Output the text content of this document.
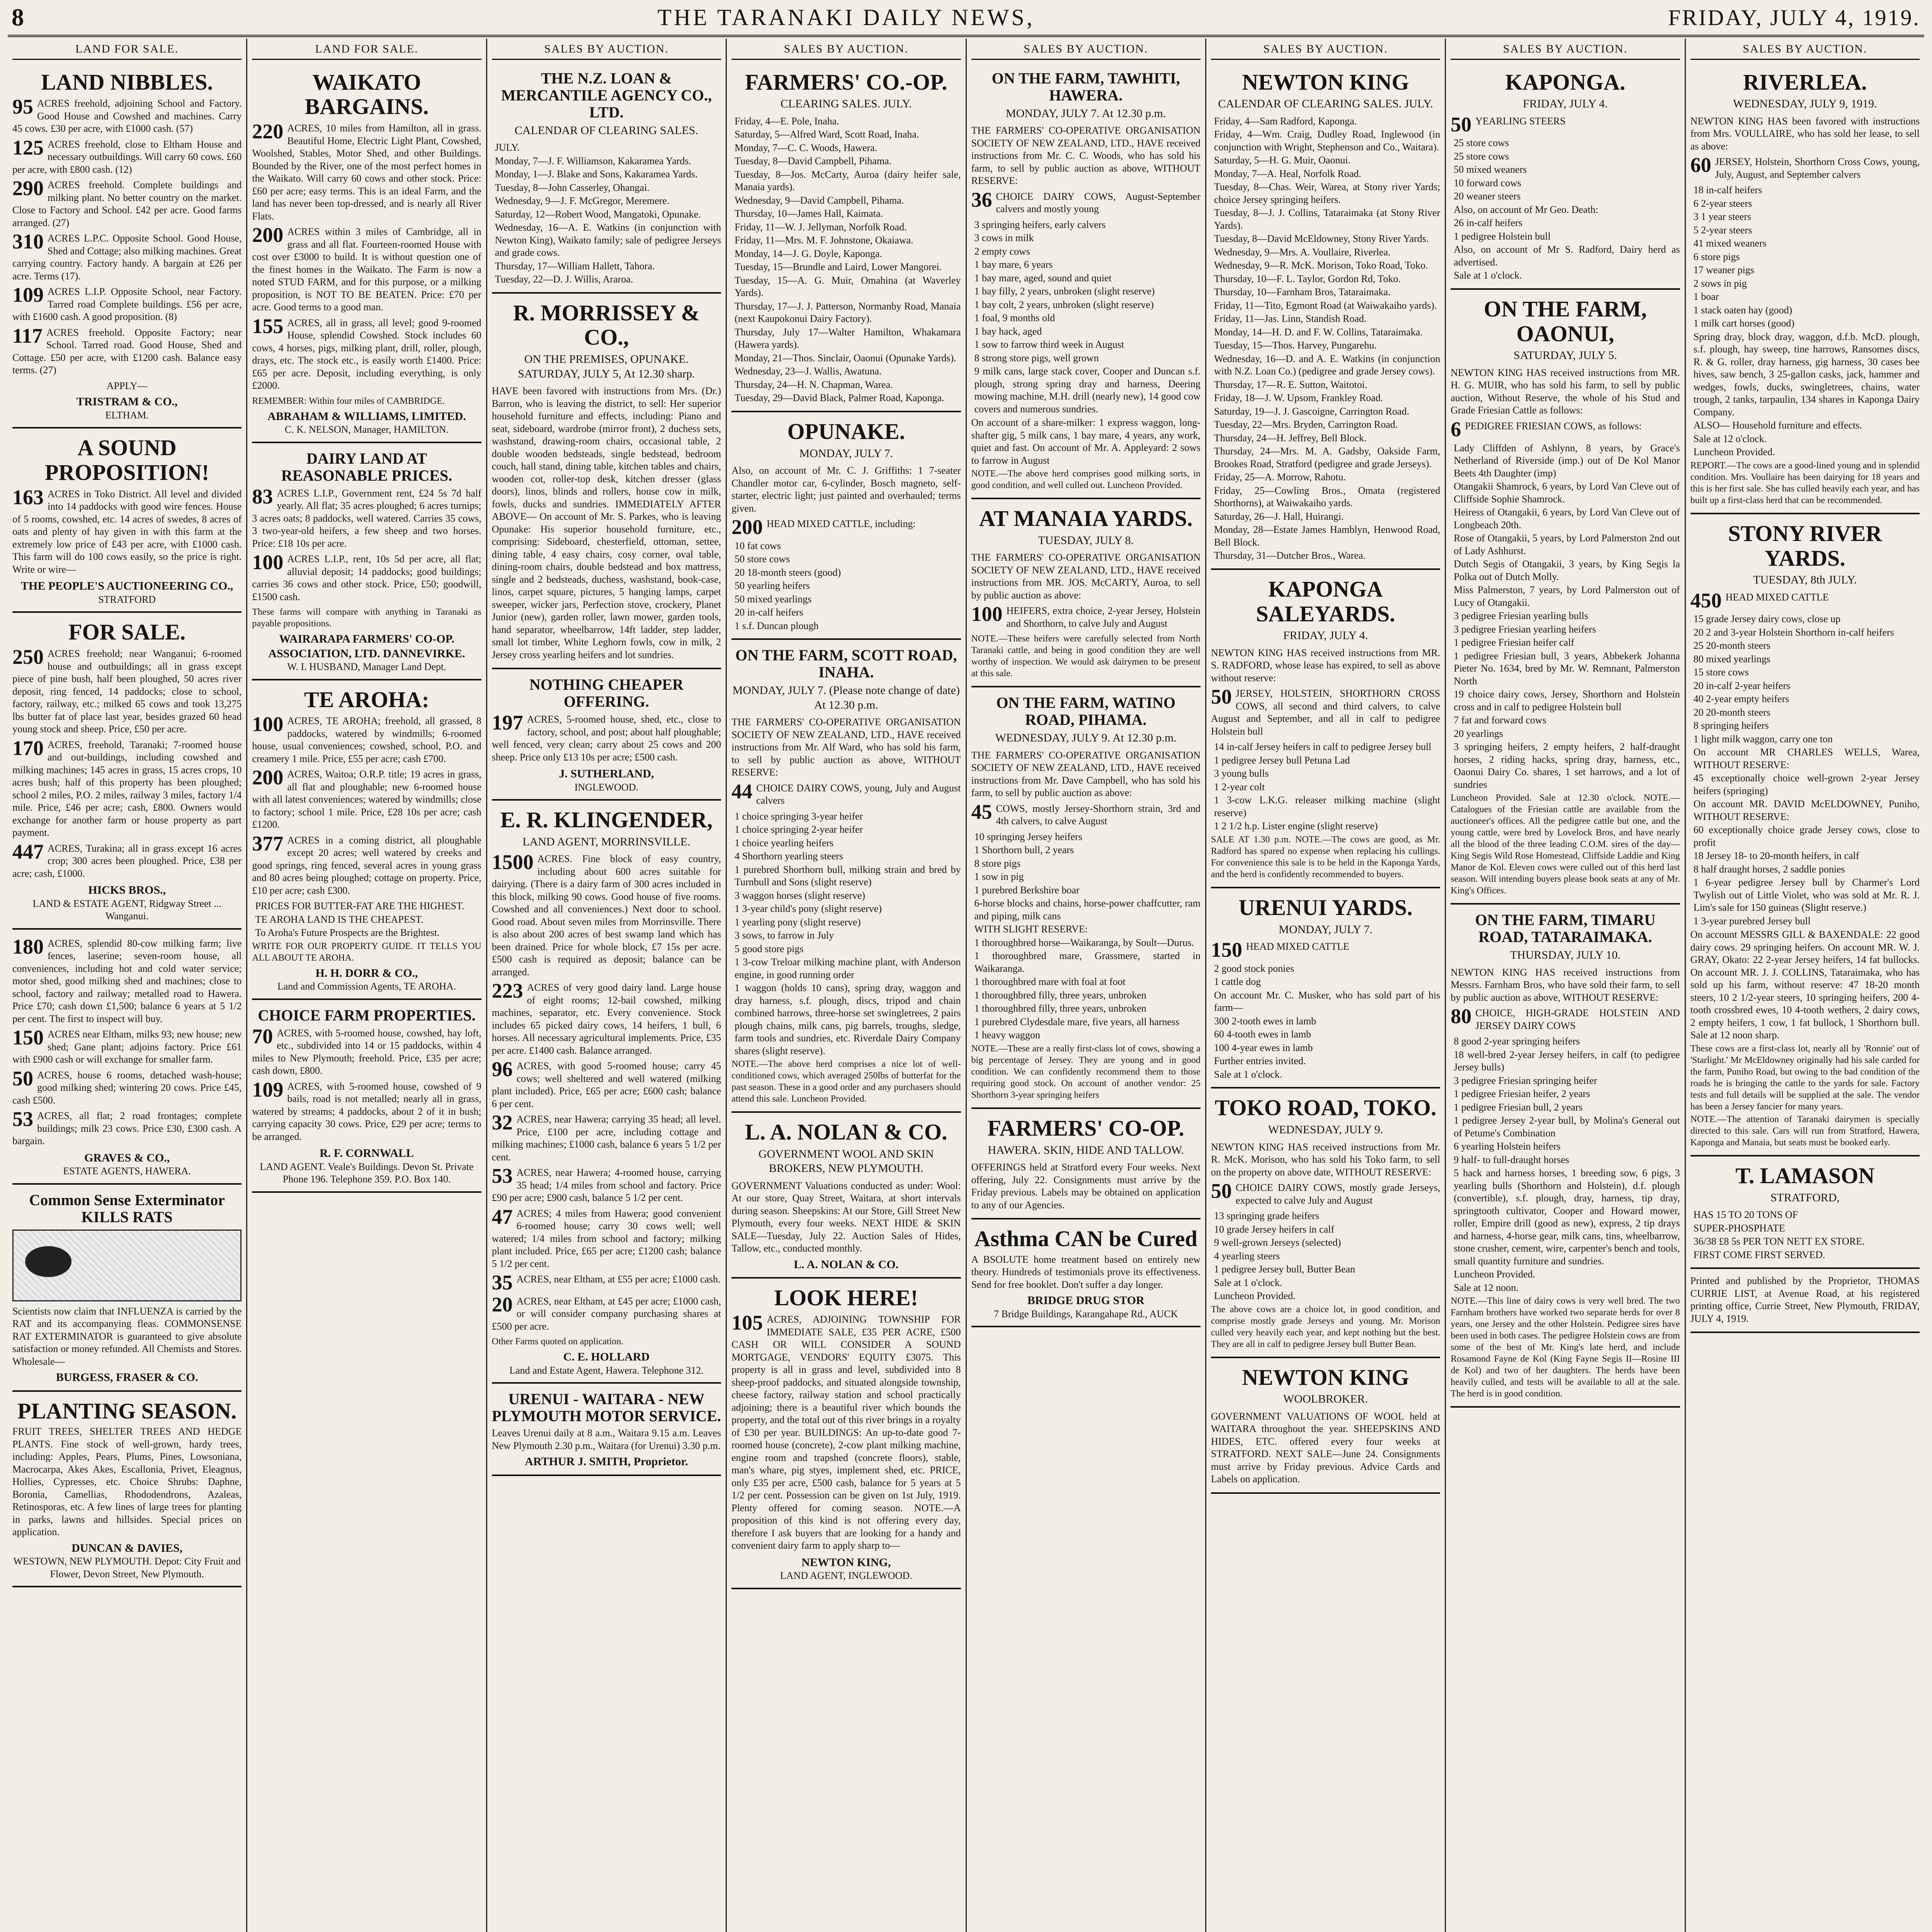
8	THE TARANAKI DAILY NEWS,	FRIDAY, JULY 4, 1919.
LAND FOR SALE.
LAND NIBBLES.
95 ACRES freehold, adjoining School and Factory. Good House and Cowshed and machines. Carry 45 cows. £30 per acre, with £1000 cash. (57)
125 ACRES freehold, close to Eltham House and necessary outbuildings. Will carry 60 cows. £60 per acre, with £800 cash. (12)
290 ACRES freehold. Complete buildings and milking plant. No better country on the market. Close to Factory and School. £42 per acre. Good farms arranged. (27)
310 ACRES L.P.C. Opposite School. Good House, Shed and Cottage; also milking machines. Great carrying country. Factory handy. A bargain at £26 per acre. Terms (17).
109 ACRES L.I.P. Opposite School, near Factory. Tarred road Complete buildings. £56 per acre, with £1600 cash. A good proposition. (8)
117 ACRES freehold. Opposite Factory; near School. Tarred road. Good House, Shed and Cottage. £50 per acre, with £1200 cash. Balance easy terms. (27)
APPLY—
TRISTRAM & CO.,
ELTHAM.
A SOUND PROPOSITION!
163 ACRES in Toko District. All level and divided into 14 paddocks with good wire fences. House of 5 rooms, cowshed, etc. 14 acres of swedes, 8 acres of oats and plenty of hay given in with this farm at the extremely low price of £43 per acre, with £1000 cash. This farm will do 100 cows easily, so the price is right. Write or wire—
THE PEOPLE'S AUCTIONEERING CO.,
STRATFORD
FOR SALE.
250 ACRES freehold; near Wanganui; 6-roomed house and outbuildings; all in grass except piece of pine bush, half been ploughed, 50 acres river deposit, ring fenced, 14 paddocks; close to school, factory, railway, etc.; milked 65 cows and took 13,275 lbs butter fat of place last year, besides grazed 60 head young stock and sheep. Price, £50 per acre.
170 ACRES, freehold, Taranaki; 7-roomed house and out-buildings, including cowshed and milking machines; 145 acres in grass, 15 acres crops, 10 acres bush; half of this property has been ploughed; school 2 miles, P.O. 2 miles, railway 3 miles, factory 1/4 mile. Price, £46 per acre; cash, £800. Owners would exchange for another farm or house property as part payment.
447 ACRES, Turakina; all in grass except 16 acres crop; 300 acres been ploughed. Price, £38 per acre; cash, £1000.
HICKS BROS.,
LAND & ESTATE AGENT, Ridgway Street ... Wanganui.
180 ACRES, splendid 80-cow milking farm; live fences, laserine; seven-room house, all conveniences, including hot and cold water service; motor shed, good milking shed and machines; close to school, factory and railway; metalled road to Hawera. Price £70; cash down £1,500; balance 6 years at 5 1/2 per cent. The first to inspect will buy.
150 ACRES near Eltham, milks 93; new house; new shed; Gane plant; adjoins factory. Price £61 with £900 cash or will exchange for smaller farm.
50 ACRES, house 6 rooms, detached wash-house; good milking shed; wintering 20 cows. Price £45, cash £500.
53 ACRES, all flat; 2 road frontages; complete buildings; milk 23 cows. Price £30, £300 cash. A bargain.
GRAVES & CO.,
ESTATE AGENTS, HAWERA.
Common Sense Exterminator KILLS RATS
Scientists now claim that INFLUENZA is carried by the RAT and its accompanying fleas. COMMONSENSE RAT EXTERMINATOR is guaranteed to give absolute satisfaction or money refunded. All Chemists and Stores. Wholesale—
BURGESS, FRASER & CO.
PLANTING SEASON.
FRUIT TREES, SHELTER TREES AND HEDGE PLANTS. Fine stock of well-grown, hardy trees, including: Apples, Pears, Plums, Pines, Lowsoniana, Macrocarpa, Akes Akes, Escallonia, Privet, Eleagnus, Hollies, Cypresses, etc. Choice Shrubs: Daphne, Boronia, Camellias, Rhododendrons, Azaleas, Retinosporas, etc. A few lines of large trees for planting in parks, lawns and hillsides. Special prices on application.
DUNCAN & DAVIES,
WESTOWN, NEW PLYMOUTH. Depot: City Fruit and Flower, Devon Street, New Plymouth.
LAND FOR SALE.
WAIKATO BARGAINS.
220 ACRES, 10 miles from Hamilton, all in grass. Beautiful Home, Electric Light Plant, Cowshed, Woolshed, Stables, Motor Shed, and other Buildings. Bounded by the River, one of the most perfect homes in the Waikato. Will carry 60 cows and other stock. Price: £60 per acre; easy terms. This is an ideal Farm, and the land has never been top-dressed, and is nearly all River Flats.
200 ACRES within 3 miles of Cambridge, all in grass and all flat. Fourteen-roomed House with cost over £3000 to build. It is without question one of the finest homes in the Waikato. The Farm is now a noted STUD FARM, and for this purpose, or a milking proposition, is NOT TO BE BEATEN. Price: £70 per acre. Good terms to a good man.
155 ACRES, all in grass, all level; good 9-roomed House, splendid Cowshed. Stock includes 60 cows, 4 horses, pigs, milking plant, drill, roller, plough, drays, etc. The stock etc., is easily worth £1400. Price: £65 per acre. Deposit, including everything, is only £2000.
REMEMBER: Within four miles of CAMBRIDGE.
ABRAHAM & WILLIAMS, LIMITED.
C. K. NELSON, Manager, HAMILTON.
DAIRY LAND AT REASONABLE PRICES.
83 ACRES L.I.P., Government rent, £24 5s 7d half yearly. All flat; 35 acres ploughed; 6 acres turnips; 3 acres oats; 8 paddocks, well watered. Carries 35 cows, 3 two-year-old heifers, a few sheep and two horses. Price: £18 10s per acre.
100 ACRES L.I.P., rent, 10s 5d per acre, all flat; alluvial deposit; 14 paddocks; good buildings; carries 36 cows and other stock. Price, £50; goodwill, £1500 cash.
These farms will compare with anything in Taranaki as payable propositions.
WAIRARAPA FARMERS' CO-OP. ASSOCIATION, LTD. DANNEVIRKE.
W. I. HUSBAND, Manager Land Dept.
TE AROHA:
100 ACRES, TE AROHA; freehold, all grassed, 8 paddocks, watered by windmills; 6-roomed house, usual conveniences; cowshed, school, P.O. and creamery 1 mile. Price, £55 per acre; cash £700.
200 ACRES, Waitoa; O.R.P. title; 19 acres in grass, all flat and ploughable; new 6-roomed house with all latest conveniences; watered by windmills; close to factory; school 1 mile. Price, £28 10s per acre; cash £1200.
377 ACRES in a coming district, all ploughable except 20 acres; well watered by creeks and good springs, ring fenced, several acres in young grass and 80 acres being ploughed; cottage on property. Price, £10 per acre; cash £300.
PRICES FOR BUTTER-FAT ARE THE HIGHEST.
TE AROHA LAND IS THE CHEAPEST.
To Aroha's Future Prospects are the Brightest.
WRITE FOR OUR PROPERTY GUIDE. IT TELLS YOU ALL ABOUT TE AROHA.
H. H. DORR & CO.,
Land and Commission Agents, TE AROHA.
CHOICE FARM PROPERTIES.
70 ACRES, with 5-roomed house, cowshed, hay loft, etc., subdivided into 14 or 15 paddocks, within 4 miles to New Plymouth; freehold. Price, £35 per acre; cash down, £800.
109 ACRES, with 5-roomed house, cowshed of 9 bails, road is not metalled; nearly all in grass, watered by streams; 4 paddocks, about 2 of it in bush; carrying capacity 30 cows. Price, £29 per acre; terms to be arranged.
R. F. CORNWALL
LAND AGENT. Veale's Buildings. Devon St. Private Phone 196. Telephone 359. P.O. Box 140.
SALES BY AUCTION.
THE N.Z. LOAN & MERCANTILE AGENCY CO., LTD.
CALENDAR OF CLEARING SALES.
JULY.
Monday, 7—J. F. Williamson, Kakaramea Yards.
Monday, 1—J. Blake and Sons, Kakaramea Yards.
Tuesday, 8—John Casserley, Ohangai.
Wednesday, 9—J. F. McGregor, Meremere.
Saturday, 12—Robert Wood, Mangatoki, Opunake.
Wednesday, 16—A. E. Watkins (in conjunction with Newton King), Waikato family; sale of pedigree Jerseys and grade cows.
Thursday, 17—William Hallett, Tahora.
Tuesday, 22—D. J. Willis, Araroa.
R. MORRISSEY & CO.,
ON THE PREMISES, OPUNAKE. SATURDAY, JULY 5, At 12.30 sharp.
HAVE been favored with instructions from Mrs. (Dr.) Barron, who is leaving the district, to sell: Her superior household furniture and effects, including: Piano and seat, sideboard, wardrobe (mirror front), 2 duchess sets, washstand, drawing-room chairs, occasional table, 2 double wooden bedsteads, single bedstead, bedroom couch, hall stand, dining table, kitchen tables and chairs, wooden cot, roller-top desk, kitchen dresser (glass doors), linos, blinds and rollers, house cow in milk, fowls, ducks and sundries. IMMEDIATELY AFTER ABOVE— On account of Mr. S. Parkes, who is leaving Opunake: His superior household furniture, etc., comprising: Sideboard, chesterfield, ottoman, settee, dining table, 4 easy chairs, cosy corner, oval table, dining-room chairs, double bedstead and box mattress, single and 2 bedsteads, duchess, washstand, book-case, linos, carpet square, pictures, 5 hanging lamps, carpet sweeper, wicker jars, Perfection stove, crockery, Planet Junior (new), garden roller, lawn mower, garden tools, hand separator, wheelbarrow, 14ft ladder, step ladder, small lot timber, White Leghorn fowls, cow in milk, 2 Jersey cross yearling heifers and lot sundries.
NOTHING CHEAPER OFFERING.
197 ACRES, 5-roomed house, shed, etc., close to factory, school, and post; about half ploughable; well fenced, very clean; carry about 25 cows and 200 sheep. Price only £13 10s per acre; £500 cash.
J. SUTHERLAND,
INGLEWOOD.
E. R. KLINGENDER,
LAND AGENT, MORRINSVILLE.
1500 ACRES. Fine block of easy country, including about 600 acres suitable for dairying. (There is a dairy farm of 300 acres included in this block, milking 90 cows. Good house of five rooms. Cowshed and all conveniences.) Next door to school. Good road. About seven miles from Morrinsville. There is also about 200 acres of best swamp land which has been drained. Price for whole block, £7 15s per acre. £500 cash is required as deposit; balance can be arranged.
223 ACRES of very good dairy land. Large house of eight rooms; 12-bail cowshed, milking machines, separator, etc. Every convenience. Stock includes 65 picked dairy cows, 14 heifers, 1 bull, 6 horses. All necessary agricultural implements. Price, £35 per acre. £1400 cash. Balance arranged.
96 ACRES, with good 5-roomed house; carry 45 cows; well sheltered and well watered (milking plant included). Price, £65 per acre; £600 cash; balance 6 per cent.
32 ACRES, near Hawera; carrying 35 head; all level. Price, £100 per acre, including cottage and milking machines; £1000 cash, balance 6 years 5 1/2 per cent.
53 ACRES, near Hawera; 4-roomed house, carrying 35 head; 1/4 miles from school and factory. Price £90 per acre; £900 cash, balance 5 1/2 per cent.
47 ACRES; 4 miles from Hawera; good convenient 6-roomed house; carry 30 cows well; well watered; 1/4 miles from school and factory; milking plant included. Price, £65 per acre; £1200 cash; balance 5 1/2 per cent.
35 ACRES, near Eltham, at £55 per acre; £1000 cash.
20 ACRES, near Eltham, at £45 per acre; £1000 cash, or will consider company purchasing shares at £500 per acre.
Other Farms quoted on application.
C. E. HOLLARD
Land and Estate Agent, Hawera. Telephone 312.
URENUI - WAITARA - NEW PLYMOUTH MOTOR SERVICE.
Leaves Urenui daily at 8 a.m., Waitara 9.15 a.m. Leaves New Plymouth 2.30 p.m., Waitara (for Urenui) 3.30 p.m.
ARTHUR J. SMITH, Proprietor.
SALES BY AUCTION.
FARMERS' CO.-OP.
CLEARING SALES. JULY.
Friday, 4—E. Pole, Inaha.
Saturday, 5—Alfred Ward, Scott Road, Inaha.
Monday, 7—C. C. Woods, Hawera.
Tuesday, 8—David Campbell, Pihama.
Tuesday, 8—Jos. McCarty, Auroa (dairy heifer sale, Manaia yards).
Wednesday, 9—David Campbell, Pihama.
Thursday, 10—James Hall, Kaimata.
Friday, 11—W. J. Jellyman, Norfolk Road.
Friday, 11—Mrs. M. F. Johnstone, Okaiawa.
Monday, 14—J. G. Doyle, Kaponga.
Tuesday, 15—Brundle and Laird, Lower Mangorei.
Tuesday, 15—A. G. Muir, Omahina (at Waverley Yards).
Thursday, 17—J. J. Patterson, Normanby Road, Manaia (next Kaupokonui Dairy Factory).
Thursday, July 17—Walter Hamilton, Whakamara (Hawera yards).
Monday, 21—Thos. Sinclair, Oaonui (Opunake Yards).
Wednesday, 23—J. Wallis, Awatuna.
Thursday, 24—H. N. Chapman, Warea.
Tuesday, 29—David Black, Palmer Road, Kaponga.
OPUNAKE.
MONDAY, JULY 7.
Also, on account of Mr. C. J. Griffiths: 1 7-seater Chandler motor car, 6-cylinder, Bosch magneto, self-starter, electric light; just painted and overhauled; terms given.
200 HEAD MIXED CATTLE, including:
10 fat cows
50 store cows
20 18-month steers (good)
50 yearling heifers
50 mixed yearlings
20 in-calf heifers
1 s.f. Duncan plough
ON THE FARM, SCOTT ROAD, INAHA.
MONDAY, JULY 7. (Please note change of date) At 12.30 p.m.
THE FARMERS' CO-OPERATIVE ORGANISATION SOCIETY OF NEW ZEALAND, LTD., HAVE received instructions from Mr. Alf Ward, who has sold his farm, to sell by public auction as above, WITHOUT RESERVE:
44 CHOICE DAIRY COWS, young, July and August calvers
1 choice springing 3-year heifer
1 choice springing 2-year heifer
1 choice yearling heifers
4 Shorthorn yearling steers
1 purebred Shorthorn bull, milking strain and bred by Turnbull and Sons (slight reserve)
3 waggon horses (slight reserve)
1 3-year child's pony (slight reserve)
1 yearling pony (slight reserve)
3 sows, to farrow in July
5 good store pigs
1 3-cow Treloar milking machine plant, with Anderson engine, in good running order
1 waggon (holds 10 cans), spring dray, waggon and dray harness, s.f. plough, discs, tripod and chain combined harrows, three-horse set swingletrees, 2 pairs plough chains, milk cans, pig barrels, troughs, sledge, farm tools and sundries, etc. Riverdale Dairy Company shares (slight reserve).
NOTE.—The above herd comprises a nice lot of well-conditioned cows, which averaged 250lbs of butterfat for the past season. These in a good order and any purchasers should attend this sale. Luncheon Provided.
L. A. NOLAN & CO.
GOVERNMENT WOOL AND SKIN BROKERS, NEW PLYMOUTH.
GOVERNMENT Valuations conducted as under: Wool: At our store, Quay Street, Waitara, at short intervals during season. Sheepskins: At our Store, Gill Street New Plymouth, every four weeks. NEXT HIDE & SKIN SALE—Tuesday, July 22. Auction Sales of Hides, Tallow, etc., conducted monthly.
L. A. NOLAN & CO.
LOOK HERE!
105 ACRES, ADJOINING TOWNSHIP FOR IMMEDIATE SALE, £35 PER ACRE, £500 CASH OR WILL CONSIDER A SOUND MORTGAGE, VENDORS' EQUITY £3075. This property is all in grass and level, subdivided into 8 sheep-proof paddocks, and situated alongside township, cheese factory, railway station and school practically adjoining; there is a beautiful river which bounds the property, and the total out of this river brings in a royalty of £30 per year. BUILDINGS: An up-to-date good 7-roomed house (concrete), 2-cow plant milking machine, engine room and trapshed (concrete floors), stable, man's whare, pig styes, implement shed, etc. PRICE, only £35 per acre, £500 cash, balance for 5 years at 5 1/2 per cent. Possession can be given on 1st July, 1919. Plenty offered for coming season. NOTE.—A proposition of this kind is not offering every day, therefore I ask buyers that are looking for a handy and convenient dairy farm to apply sharp to—
NEWTON KING,
LAND AGENT, INGLEWOOD.
SALES BY AUCTION.
ON THE FARM, TAWHITI, HAWERA.
MONDAY, JULY 7. At 12.30 p.m.
THE FARMERS' CO-OPERATIVE ORGANISATION SOCIETY OF NEW ZEALAND, LTD., HAVE received instructions from Mr. C. C. Woods, who has sold his farm, to sell by public auction as above, WITHOUT RESERVE:
36 CHOICE DAIRY COWS, August-September calvers and mostly young
3 springing heifers, early calvers
3 cows in milk
2 empty cows
1 bay mare, 6 years
1 bay mare, aged, sound and quiet
1 bay filly, 2 years, unbroken (slight reserve)
1 bay colt, 2 years, unbroken (slight reserve)
1 foal, 9 months old
1 bay hack, aged
1 sow to farrow third week in August
8 strong store pigs, well grown
9 milk cans, large stack cover, Cooper and Duncan s.f. plough, strong spring dray and harness, Deering mowing machine, M.H. drill (nearly new), 14 good cow covers and numerous sundries.
On account of a share-milker: 1 express waggon, long-shafter gig, 5 milk cans, 1 bay mare, 4 years, any work, quiet and fast. On account of Mr. A. Appleyard: 2 sows to farrow in August
NOTE.—The above herd comprises good milking sorts, in good condition, and well culled out. Luncheon Provided.
AT MANAIA YARDS.
TUESDAY, JULY 8.
THE FARMERS' CO-OPERATIVE ORGANISATION SOCIETY OF NEW ZEALAND, LTD., HAVE received instructions from MR. JOS. McCARTY, Auroa, to sell by public auction as above:
100 HEIFERS, extra choice, 2-year Jersey, Holstein and Shorthorn, to calve July and August
NOTE.—These heifers were carefully selected from North Taranaki cattle, and being in good condition they are well worthy of inspection. We would ask dairymen to be present at this sale.
ON THE FARM, WATINO ROAD, PIHAMA.
WEDNESDAY, JULY 9. At 12.30 p.m.
THE FARMERS' CO-OPERATIVE ORGANISATION SOCIETY OF NEW ZEALAND, LTD., HAVE received instructions from Mr. Dave Campbell, who has sold his farm, to sell by public auction as above:
45 COWS, mostly Jersey-Shorthorn strain, 3rd and 4th calvers, to calve August
10 springing Jersey heifers
1 Shorthorn bull, 2 years
8 store pigs
1 sow in pig
1 purebred Berkshire boar
6-horse blocks and chains, horse-power chaffcutter, ram and piping, milk cans
WITH SLIGHT RESERVE:
1 thoroughbred horse—Waikaranga, by Soult—Durus.
1 thoroughbred mare, Grassmere, started in Waikaranga.
1 thoroughbred mare with foal at foot
1 thoroughbred filly, three years, unbroken
1 thoroughbred filly, three years, unbroken
1 purebred Clydesdale mare, five years, all harness
1 heavy waggon
NOTE.—These are a really first-class lot of cows, showing a big percentage of Jersey. They are young and in good condition. We can confidently recommend them to those requiring good stock. On account of another vendor: 25 Shorthorn 3-year springing heifers
FARMERS' CO-OP.
HAWERA. SKIN, HIDE AND TALLOW.
OFFERINGS held at Stratford every Four weeks. Next offering, July 22. Consignments must arrive by the Friday previous. Labels may be obtained on application to any of our Agencies.
Asthma CAN be Cured
A BSOLUTE home treatment based on entirely new theory. Hundreds of testimonials prove its effectiveness. Send for free booklet. Don't suffer a day longer.
BRIDGE DRUG STOR
7 Bridge Buildings, Karangahape Rd., AUCK
SALES BY AUCTION.
NEWTON KING
CALENDAR OF CLEARING SALES. JULY.
Friday, 4—Sam Radford, Kaponga.
Friday, 4—Wm. Craig, Dudley Road, Inglewood (in conjunction with Wright, Stephenson and Co., Waitara).
Saturday, 5—H. G. Muir, Oaonui.
Monday, 7—A. Heal, Norfolk Road.
Tuesday, 8—Chas. Weir, Warea, at Stony river Yards; choice Jersey springing heifers.
Tuesday, 8—J. J. Collins, Tataraimaka (at Stony River Yards).
Tuesday, 8—David McEldowney, Stony River Yards.
Wednesday, 9—Mrs. A. Voullaire, Riverlea.
Wednesday, 9—R. McK. Morison, Toko Road, Toko.
Thursday, 10—F. L. Taylor, Gordon Rd, Toko.
Thursday, 10—Farnham Bros, Tataraimaka.
Friday, 11—Tito, Egmont Road (at Waiwakaiho yards).
Friday, 11—Jas. Linn, Standish Road.
Monday, 14—H. D. and F. W. Collins, Tataraimaka.
Tuesday, 15—Thos. Harvey, Pungarehu.
Wednesday, 16—D. and A. E. Watkins (in conjunction with N.Z. Loan Co.) (pedigree and grade Jersey cows).
Thursday, 17—R. E. Sutton, Waitotoi.
Friday, 18—J. W. Upsom, Frankley Road.
Saturday, 19—J. J. Gascoigne, Carrington Road.
Tuesday, 22—Mrs. Bryden, Carrington Road.
Thursday, 24—H. Jeffrey, Bell Block.
Thursday, 24—Mrs. M. A. Gadsby, Oakside Farm, Brookes Road, Stratford (pedigree and grade Jerseys).
Friday, 25—A. Morrow, Rahotu.
Friday, 25—Cowling Bros., Omata (registered Shorthorns), at Waiwakaiho yards.
Saturday, 26—J. Hall, Huirangi.
Monday, 28—Estate James Hamblyn, Henwood Road, Bell Block.
Thursday, 31—Dutcher Bros., Warea.
KAPONGA SALEYARDS.
FRIDAY, JULY 4.
NEWTON KING HAS received instructions from MR. S. RADFORD, whose lease has expired, to sell as above without reserve:
50 JERSEY, HOLSTEIN, SHORTHORN CROSS COWS, all second and third calvers, to calve August and September, and all in calf to pedigree Holstein bull
14 in-calf Jersey heifers in calf to pedigree Jersey bull
1 pedigree Jersey bull Petuna Lad
3 young bulls
1 2-year colt
1 3-cow L.K.G. releaser milking machine (slight reserve)
1 2 1/2 h.p. Lister engine (slight reserve)
SALE AT 1.30 p.m. NOTE.—The cows are good, as Mr. Radford has spared no expense when replacing his cullings. For convenience this sale is to be held in the Kaponga Yards, and the herd is confidently recommended to buyers.
URENUI YARDS.
MONDAY, JULY 7.
150 HEAD MIXED CATTLE
2 good stock ponies
1 cattle dog
On account Mr. C. Musker, who has sold part of his farm—
300 2-tooth ewes in lamb
60 4-tooth ewes in lamb
100 4-year ewes in lamb
Further entries invited.
Sale at 1 o'clock.
TOKO ROAD, TOKO.
WEDNESDAY, JULY 9.
NEWTON KING HAS received instructions from Mr. R. McK. Morison, who has sold his Toko farm, to sell on the property on above date, WITHOUT RESERVE:
50 CHOICE DAIRY COWS, mostly grade Jerseys, expected to calve July and August
13 springing grade heifers
10 grade Jersey heifers in calf
9 well-grown Jerseys (selected)
4 yearling steers
1 pedigree Jersey bull, Butter Bean
Sale at 1 o'clock.
Luncheon Provided.
The above cows are a choice lot, in good condition, and comprise mostly grade Jerseys and young. Mr. Morison culled very heavily each year, and kept nothing but the best. They are all in calf to pedigree Jersey bull Butter Bean.
NEWTON KING
WOOLBROKER.
GOVERNMENT VALUATIONS OF WOOL held at WAITARA throughout the year. SHEEPSKINS AND HIDES, ETC. offered every four weeks at STRATFORD. NEXT SALE—June 24. Consignments must arrive by Friday previous. Advice Cards and Labels on application.
SALES BY AUCTION.
KAPONGA.
FRIDAY, JULY 4.
50 YEARLING STEERS
25 store cows
25 store cows
50 mixed weaners
10 forward cows
20 weaner steers
Also, on account of Mr Geo. Death:
26 in-calf heifers
1 pedigree Holstein bull
Also, on account of Mr S. Radford, Dairy herd as advertised.
Sale at 1 o'clock.
ON THE FARM, OAONUI,
SATURDAY, JULY 5.
NEWTON KING HAS received instructions from MR. H. G. MUIR, who has sold his farm, to sell by public auction, Without Reserve, the whole of his Stud and Grade Friesian Cattle as follows:
6 PEDIGREE FRIESIAN COWS, as follows:
Lady Cliffden of Ashlynn, 8 years, by Grace's Netherland of Riverside (imp.) out of De Kol Manor Beets 4th Daughter (imp)
Otangakii Shamrock, 6 years, by Lord Van Cleve out of Cliffside Sophie Shamrock.
Heiress of Otangakii, 6 years, by Lord Van Cleve out of Longbeach 20th.
Rose of Otangakii, 5 years, by Lord Palmerston 2nd out of Lady Ashhurst.
Dutch Segis of Otangakii, 3 years, by King Segis la Polka out of Dutch Molly.
Miss Palmerston, 7 years, by Lord Palmerston out of Lucy of Otangakii.
3 pedigree Friesian yearling bulls
3 pedigree Friesian yearling heifers
1 pedigree Friesian heifer calf
1 pedigree Friesian bull, 3 years, Abbekerk Johanna Pieter No. 1634, bred by Mr. W. Remnant, Palmerston North
19 choice dairy cows, Jersey, Shorthorn and Holstein cross and in calf to pedigree Holstein bull
7 fat and forward cows
20 yearlings
3 springing heifers, 2 empty heifers, 2 half-draught horses, 2 riding hacks, spring dray, harness, etc., Oaonui Dairy Co. shares, 1 set harrows, and a lot of sundries
Luncheon Provided. Sale at 12.30 o'clock. NOTE.—Catalogues of the Friesian cattle are available from the auctioneer's offices. All the pedigree cattle but one, and the young cattle, were bred by Lovelock Bros, and have nearly all the blood of the three leading C.O.M. sires of the day—King Segis Wild Rose Homestead, Cliffside Laddie and King Manor de Kol. Eleven cows were culled out of this herd last season. Will intending buyers please book seats at any of Mr. King's Offices.
ON THE FARM, TIMARU ROAD, TATARAIMAKA.
THURSDAY, JULY 10.
NEWTON KING HAS received instructions from Messrs. Farnham Bros, who have sold their farm, to sell by public auction as above, WITHOUT RESERVE:
80 CHOICE, HIGH-GRADE HOLSTEIN AND JERSEY DAIRY COWS
8 good 2-year springing heifers
18 well-bred 2-year Jersey heifers, in calf (to pedigree Jersey bulls)
3 pedigree Friesian springing heifer
1 pedigree Friesian heifer, 2 years
1 pedigree Friesian bull, 2 years
1 pedigree Jersey 2-year bull, by Molina's General out of Petume's Combination
6 yearling Holstein heifers
9 half- to full-draught horses
5 hack and harness horses, 1 breeding sow, 6 pigs, 3 yearling bulls (Shorthorn and Holstein), d.f. plough (convertible), s.f. plough, dray, harness, tip dray, springtooth cultivator, Cooper and Howard mower, roller, Empire drill (good as new), express, 2 tip drays and harness, 4-horse gear, milk cans, tins, wheelbarrow, stone crusher, cement, wire, carpenter's bench and tools, small quantity furniture and sundries.
Luncheon Provided.
Sale at 12 noon.
NOTE.—This line of dairy cows is very well bred. The two Farnham brothers have worked two separate herds for over 8 years, one Jersey and the other Holstein. Pedigree sires have been used in both cases. The pedigree Holstein cows are from some of the best of Mr. King's late herd, and include Rosamond Fayne de Kol (King Fayne Segis II—Rosine III de Kol) and two of her daughters. The herds have been heavily culled, and tests will be available to all at the sale. The herd is in good condition.
SALES BY AUCTION.
RIVERLEA.
WEDNESDAY, JULY 9, 1919.
NEWTON KING HAS been favored with instructions from Mrs. VOULLAIRE, who has sold her lease, to sell as above:
60 JERSEY, Holstein, Shorthorn Cross Cows, young, July, August, and September calvers
18 in-calf heifers
6 2-year steers
3 1 year steers
5 2-year steers
41 mixed weaners
6 store pigs
17 weaner pigs
2 sows in pig
1 boar
1 stack oaten hay (good)
1 milk cart horses (good)
Spring dray, block dray, waggon, d.f.b. McD. plough, s.f. plough, hay sweep, tine harrows, Ransomes discs, R. & G. roller, dray harness, gig harness, 30 cases bee hives, saw bench, 3 25-gallon casks, jack, hammer and wedges, fowls, ducks, swingletrees, chains, water trough, 2 tanks, tarpaulin, 134 shares in Kaponga Dairy Company.
ALSO— Household furniture and effects.
Sale at 12 o'clock.
Luncheon Provided.
REPORT.—The cows are a good-lined young and in splendid condition. Mrs. Voullaire has been dairying for 18 years and this is her first sale. She has culled heavily each year, and has built up a first-class herd that can be recommended.
STONY RIVER YARDS.
TUESDAY, 8th JULY.
450 HEAD MIXED CATTLE
15 grade Jersey dairy cows, close up
20 2 and 3-year Holstein Shorthorn in-calf heifers
25 20-month steers
80 mixed yearlings
15 store cows
20 in-calf 2-year heifers
40 2-year empty heifers
20 20-month steers
8 springing heifers
1 light milk waggon, carry one ton
On account MR CHARLES WELLS, Warea, WITHOUT RESERVE:
45 exceptionally choice well-grown 2-year Jersey heifers (springing)
On account MR. DAVID McELDOWNEY, Puniho, WITHOUT RESERVE:
60 exceptionally choice grade Jersey cows, close to profit
18 Jersey 18- to 20-month heifers, in calf
8 half draught horses, 2 saddle ponies
1 6-year pedigree Jersey bull by Charmer's Lord Twylish out of Little Violet, who was sold at Mr. R. J. Lim's sale for 150 guineas (Slight reserve.)
1 3-year purebred Jersey bull
On account MESSRS GILL & BAXENDALE: 22 good dairy cows. 29 springing heifers. On account MR. W. J. GRAY, Okato: 22 2-year Jersey heifers, 14 fat bullocks. On account MR. J. J. COLLINS, Tataraimaka, who has sold up his farm, without reserve: 47 18-20 month steers, 10 2 1/2-year steers, 10 springing heifers, 200 4-tooth crossbred ewes, 10 4-tooth wethers, 2 dairy cows, 2 empty heifers, 1 cow, 1 fat bullock, 1 Shorthorn bull. Sale at 12 noon sharp.
These cows are a first-class lot, nearly all by 'Ronnie' out of 'Starlight.' Mr McEldowney originally had his sale carded for the farm, Puniho Road, but owing to the bad condition of the roads he is bringing the cattle to the yards for sale. Factory tests and full details will be supplied at the sale. The vendor has been a Jersey fancier for many years.
NOTE.—The attention of Taranaki dairymen is specially directed to this sale. Cars will run from Stratford, Hawera, Kaponga and Manaia, but seats must be booked early.
T. LAMASON
STRATFORD,
HAS 15 TO 20 TONS OF
SUPER-PHOSPHATE
36/38 £8 5s PER TON NETT EX STORE.
FIRST COME FIRST SERVED.
Printed and published by the Proprietor, THOMAS CURRIE LIST, at Avenue Road, at his registered printing office, Currie Street, New Plymouth, FRIDAY, JULY 4, 1919.
